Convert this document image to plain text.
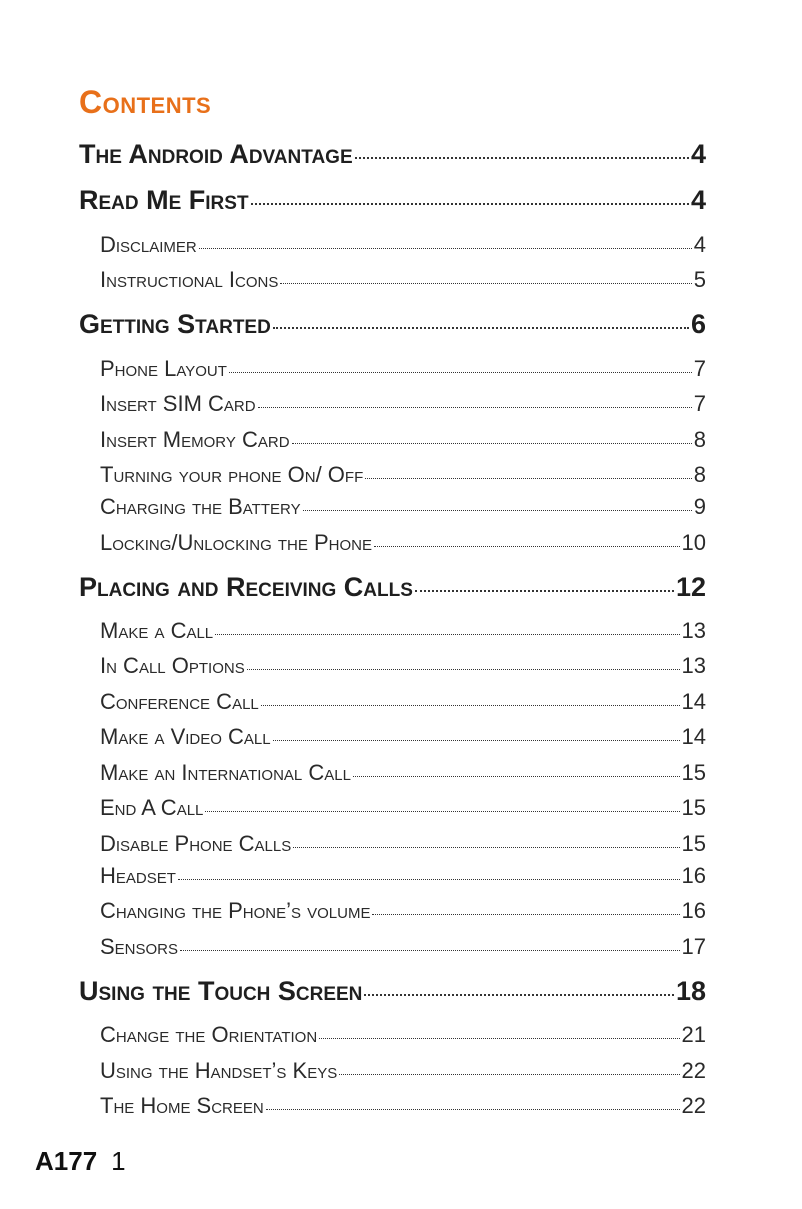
Contents
The Android Advantage	4
Read Me First	4
Disclaimer	4
Instructional Icons	5
Getting Started	6
Phone Layout	7
Insert SIM Card	7
Insert Memory Card	8
Turning your phone On/ Off	8
Charging the Battery	9
Locking/Unlocking the Phone	10
Placing and Receiving Calls	12
Make a Call	13
In Call Options	13
Conference Call	14
Make a Video Call	14
Make an International Call	15
End A Call	15
Disable Phone Calls	15
Headset	16
Changing the Phone’s volume	16
Sensors	17
Using the Touch Screen	18
Change the Orientation	21
Using the Handset’s Keys	22
The Home Screen	22
A177 1
